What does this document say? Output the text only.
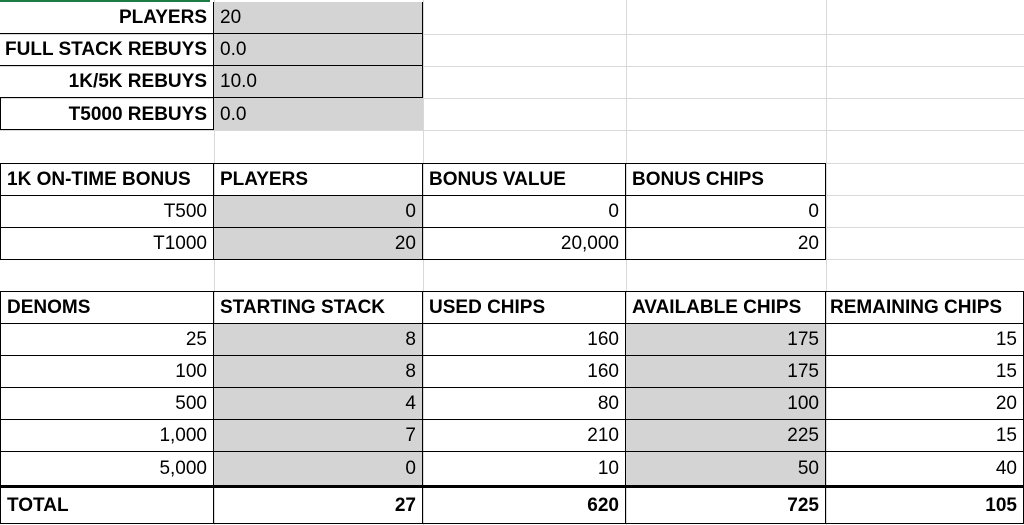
PLAYERS 20
FULL STACK REBUYS 0.0
1K/5K REBUYS 10.0
T5000 REBUYS 0.0
1K ON-TIME BONUS	PLAYERS	BONUS VALUE	BONUS CHIPS
T500	0	0	0
T1000	20	20,000	20
DENOMS	STARTING STACK	USED CHIPS	AVAILABLE CHIPS	REMAINING CHIPS
25	8	160	175	15
100	8	160	175	15
500	4	80	100	20
1,000	7	210	225	15
5,000	0	10	50	40
TOTAL	27	620	725	105
